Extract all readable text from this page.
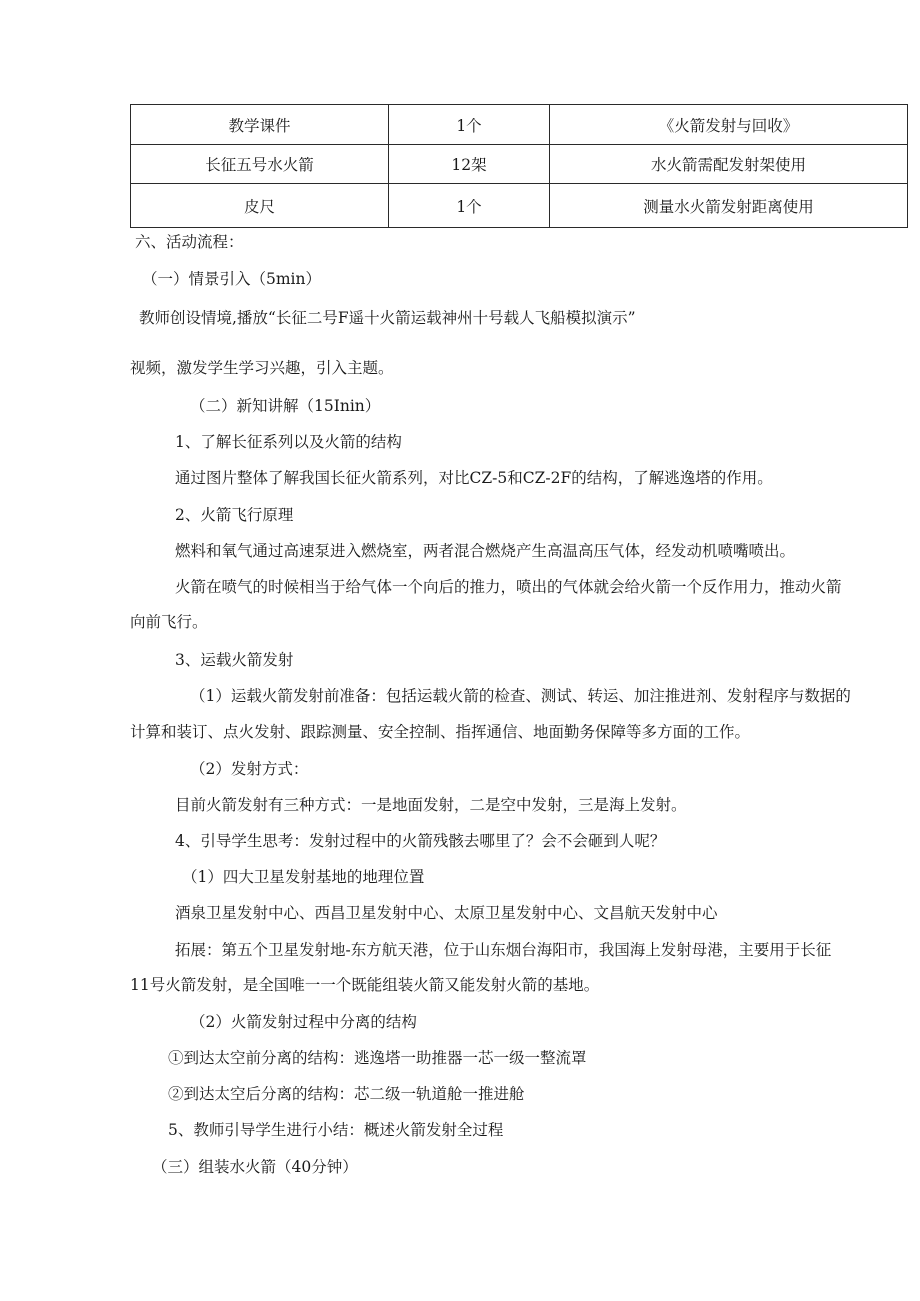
教学课件	1个	《火箭发射与回收》
长征五号水火箭	12架	水火箭需配发射架使用
皮尺	1个	测量水火箭发射距离使用
六、活动流程：
（一）情景引入（5min）
教师创设情境,播放“长征二号F遥十火箭运载神州十号载人飞船模拟演示”
视频，激发学生学习兴趣，引入主题。
（二）新知讲解（15Inin）
1、了解长征系列以及火箭的结构
通过图片整体了解我国长征火箭系列，对比CZ-5和CZ-2F的结构，了解逃逸塔的作用。
2、火箭飞行原理
燃料和氧气通过高速泵进入燃烧室，两者混合燃烧产生高温高压气体，经发动机喷嘴喷出。
火箭在喷气的时候相当于给气体一个向后的推力，喷出的气体就会给火箭一个反作用力，推动火箭
向前飞行。
3、运载火箭发射
（1）运载火箭发射前准备：包括运载火箭的检查、测试、转运、加注推进剂、发射程序与数据的
计算和装订、点火发射、跟踪测量、安全控制、指挥通信、地面勤务保障等多方面的工作。
（2）发射方式：
目前火箭发射有三种方式：一是地面发射，二是空中发射，三是海上发射。
4、引导学生思考：发射过程中的火箭残骸去哪里了？会不会砸到人呢？
（1）四大卫星发射基地的地理位置
酒泉卫星发射中心、西昌卫星发射中心、太原卫星发射中心、文昌航天发射中心
拓展：第五个卫星发射地-东方航天港，位于山东烟台海阳市，我国海上发射母港，主要用于长征
11号火箭发射，是全国唯一一个既能组装火箭又能发射火箭的基地。
（2）火箭发射过程中分离的结构
①到达太空前分离的结构：逃逸塔一助推器一芯一级一整流罩
②到达太空后分离的结构：芯二级一轨道舱一推进舱
5、教师引导学生进行小结：概述火箭发射全过程
（三）组装水火箭（40分钟）
